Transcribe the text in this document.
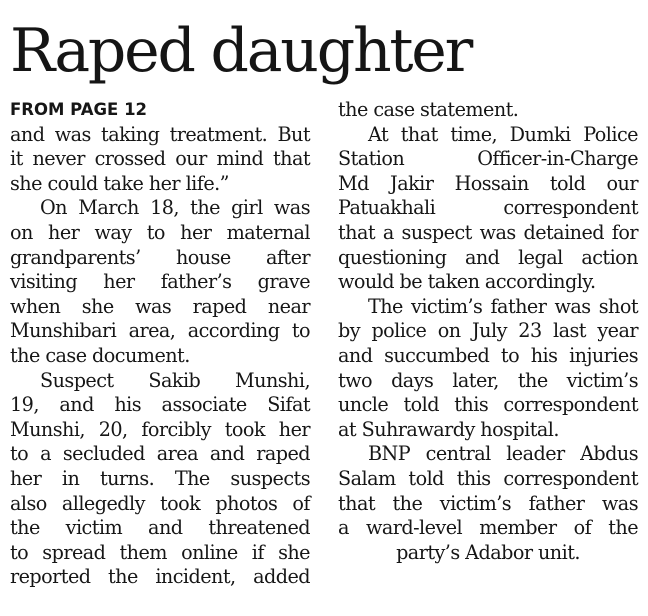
Raped daughter
FROM PAGE 12
and was taking treatment. But
it never crossed our mind that
she could take her life.”
On March 18, the girl was
on her way to her maternal
grandparents’ house after
visiting her father’s grave
when she was raped near
Munshibari area, according to
the case document.
Suspect Sakib Munshi,
19, and his associate Sifat
Munshi, 20, forcibly took her
to a secluded area and raped
her in turns. The suspects
also allegedly took photos of
the victim and threatened
to spread them online if she
reported the incident, added
the case statement.
At that time, Dumki Police
Station Officer-in-Charge
Md Jakir Hossain told our
Patuakhali correspondent
that a suspect was detained for
questioning and legal action
would be taken accordingly.
The victim’s father was shot
by police on July 23 last year
and succumbed to his injuries
two days later, the victim’s
uncle told this correspondent
at Suhrawardy hospital.
BNP central leader Abdus
Salam told this correspondent
that the victim’s father was
a ward-level member of the
party’s Adabor unit.
